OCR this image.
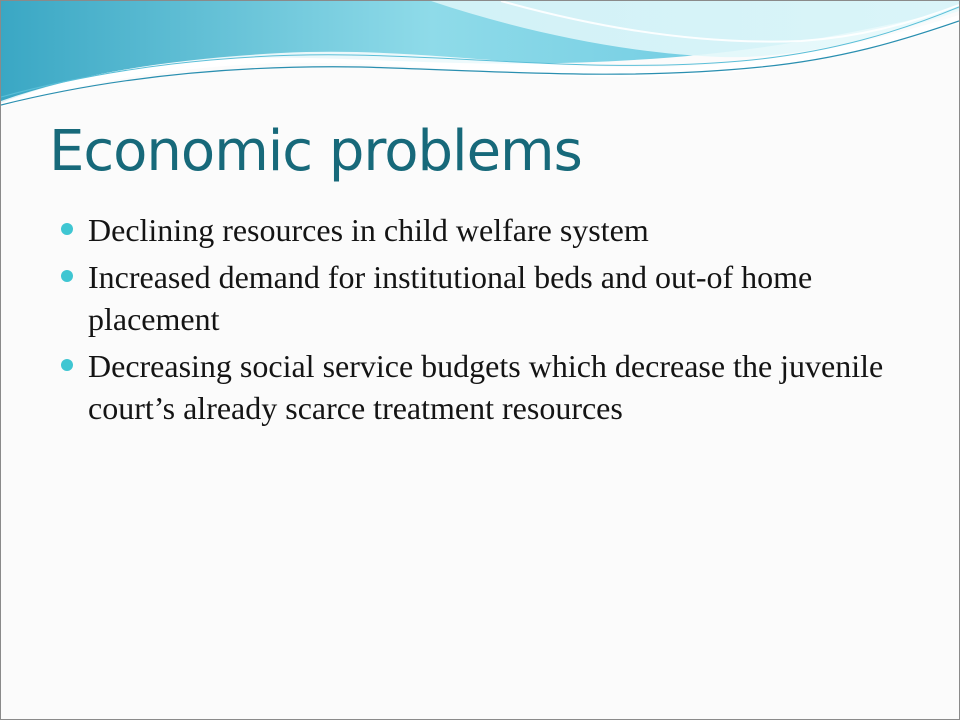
Economic problems
Declining resources in child welfare system
Increased demand for institutional beds and out-of home placement
Decreasing social service budgets which decrease the juvenile court’s already scarce treatment resources
